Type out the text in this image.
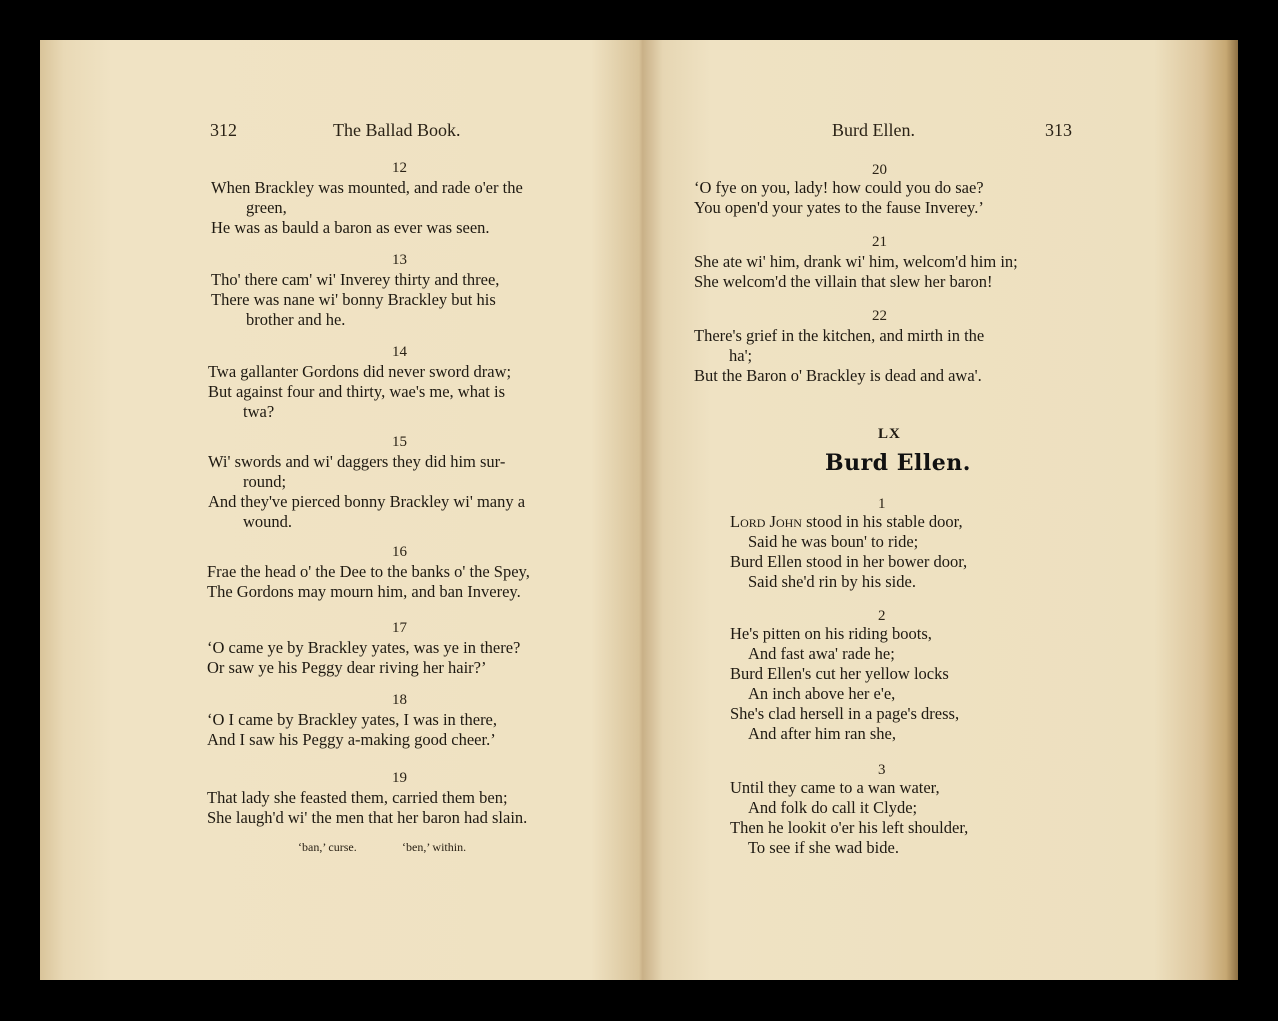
312	The Ballad Book.
12
When Brackley was mounted, and rade o'er the
green,
He was as bauld a baron as ever was seen.
13
Tho' there cam' wi' Inverey thirty and three,
There was nane wi' bonny Brackley but his
brother and he.
14
Twa gallanter Gordons did never sword draw;
But against four and thirty, wae's me, what is
twa?
15
Wi' swords and wi' daggers they did him sur-
round;
And they've pierced bonny Brackley wi' many a
wound.
16
Frae the head o' the Dee to the banks o' the Spey,
The Gordons may mourn him, and ban Inverey.
17
‘O came ye by Brackley yates, was ye in there?
Or saw ye his Peggy dear riving her hair?’
18
‘O I came by Brackley yates, I was in there,
And I saw his Peggy a-making good cheer.’
19
That lady she feasted them, carried them ben;
She laugh'd wi' the men that her baron had slain.
‘ban,’ curse.	‘ben,’ within.
Burd Ellen.	313
20
‘O fye on you, lady! how could you do sae?
You open'd your yates to the fause Inverey.’
21
She ate wi' him, drank wi' him, welcom'd him in;
She welcom'd the villain that slew her baron!
22
There's grief in the kitchen, and mirth in the
ha';
But the Baron o' Brackley is dead and awa'.
LX
Burd Ellen.
1
Lord John stood in his stable door,
Said he was boun' to ride;
Burd Ellen stood in her bower door,
Said she'd rin by his side.
2
He's pitten on his riding boots,
And fast awa' rade he;
Burd Ellen's cut her yellow locks
An inch above her e'e,
She's clad hersell in a page's dress,
And after him ran she,
3
Until they came to a wan water,
And folk do call it Clyde;
Then he lookit o'er his left shoulder,
To see if she wad bide.
